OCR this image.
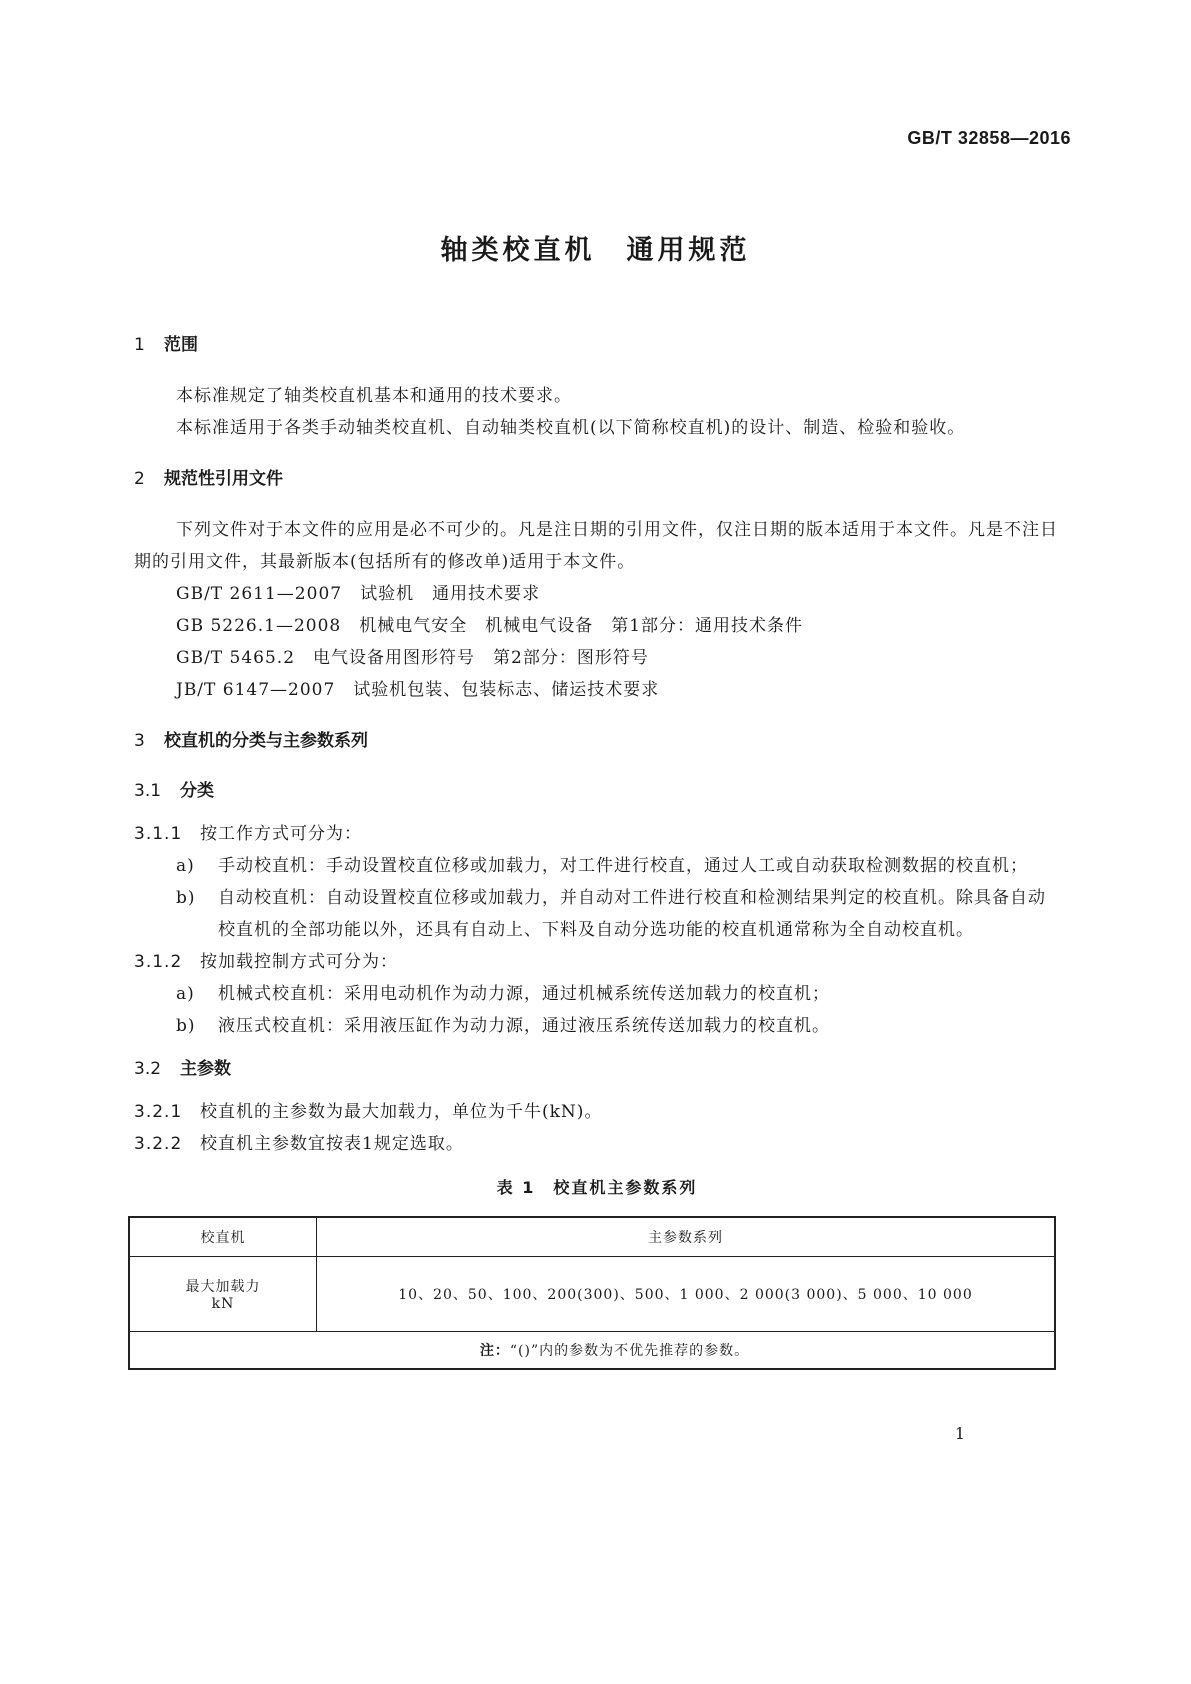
GB/T 32858—2016
轴类校直机　通用规范
1 范围

本标准规定了轴类校直机基本和通用的技术要求。

本标准适用于各类手动轴类校直机、自动轴类校直机(以下简称校直机)的设计、制造、检验和验收。

2 规范性引用文件

下列文件对于本文件的应用是必不可少的。凡是注日期的引用文件，仅注日期的版本适用于本文件。凡是不注日期的引用文件，其最新版本(包括所有的修改单)适用于本文件。

GB/T 2611—2007　试验机　通用技术要求

GB 5226.1—2008　机械电气安全　机械电气设备　第1部分：通用技术条件

GB/T 5465.2　电气设备用图形符号　第2部分：图形符号

JB/T 6147—2007　试验机包装、包装标志、储运技术要求

3 校直机的分类与主参数系列
3.1 分类

3.1.1 按工作方式可分为：

a) 手动校直机：手动设置校直位移或加载力，对工件进行校直，通过人工或自动获取检测数据的校直机；

b) 自动校直机：自动设置校直位移或加载力，并自动对工件进行校直和检测结果判定的校直机。除具备自动校直机的全部功能以外，还具有自动上、下料及自动分选功能的校直机通常称为全自动校直机。

3.1.2 按加载控制方式可分为：

a) 机械式校直机：采用电动机作为动力源，通过机械系统传送加载力的校直机；

b) 液压式校直机：采用液压缸作为动力源，通过液压系统传送加载力的校直机。

3.2 主参数

3.2.1 校直机的主参数为最大加载力，单位为千牛(kN)。

3.2.2 校直机主参数宜按表1规定选取。

表 1　校直机主参数系列
校直机	主参数系列

最大加载力
kN	10、20、50、100、200(300)、500、1 000、2 000(3 000)、5 000、10 000
注：“()”内的参数为不优先推荐的参数。	
1
